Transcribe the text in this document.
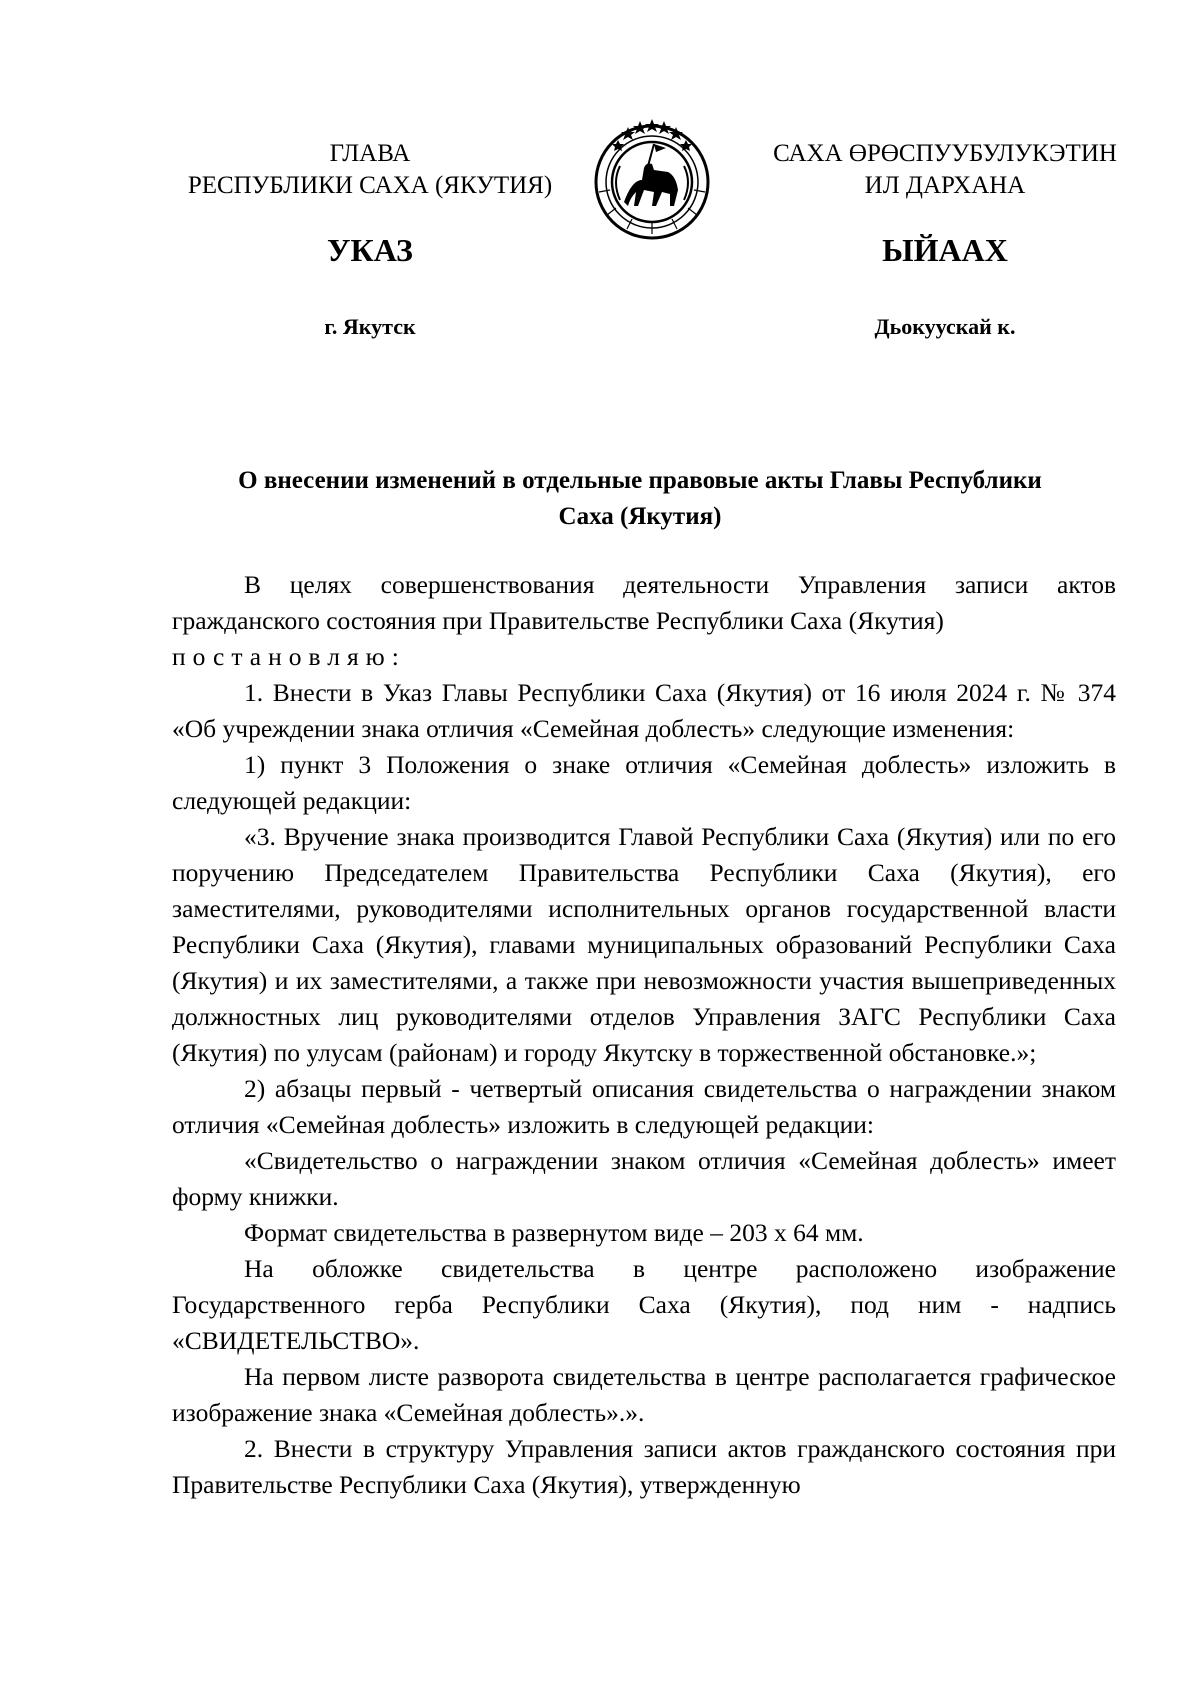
ГЛАВА
РЕСПУБЛИКИ САХА (ЯКУТИЯ)
САХА ӨРӨСПУУБУЛУКЭТИН
ИЛ ДАРХАНА
УКАЗ	ЫЙААХ
г. Якутск	Дьокуускай к.
О внесении изменений в отдельные правовые акты Главы Республики
Саха (Якутия)

В целях совершенствования деятельности Управления записи актов гражданского состояния при Правительстве Республики Саха (Якутия)
постановляю:

1. Внести в Указ Главы Республики Саха (Якутия) от 16 июля 2024 г. № 374 «Об учреждении знака отличия «Семейная доблесть» следующие изменения:

1) пункт 3 Положения о знаке отличия «Семейная доблесть» изложить в следующей редакции:

«3. Вручение знака производится Главой Республики Саха (Якутия) или по его поручению Председателем Правительства Республики Саха (Якутия), его заместителями, руководителями исполнительных органов государственной власти Республики Саха (Якутия), главами муниципальных образований Республики Саха (Якутия) и их заместителями, а также при невозможности участия вышеприведенных должностных лиц руководителями отделов Управления ЗАГС Республики Саха (Якутия) по улусам (районам) и городу Якутску в торжественной обстановке.»;

2) абзацы первый - четвертый описания свидетельства о награждении знаком отличия «Семейная доблесть» изложить в следующей редакции:

«Свидетельство о награждении знаком отличия «Семейная доблесть» имеет форму книжки.

Формат свидетельства в развернутом виде – 203 х 64 мм.

На обложке свидетельства в центре расположено изображение Государственного герба Республики Саха (Якутия), под ним - надпись «СВИДЕТЕЛЬСТВО».

На первом листе разворота свидетельства в центре располагается графическое изображение знака «Семейная доблесть».».

2. Внести в структуру Управления записи актов гражданского состояния при Правительстве Республики Саха (Якутия), утвержденную
